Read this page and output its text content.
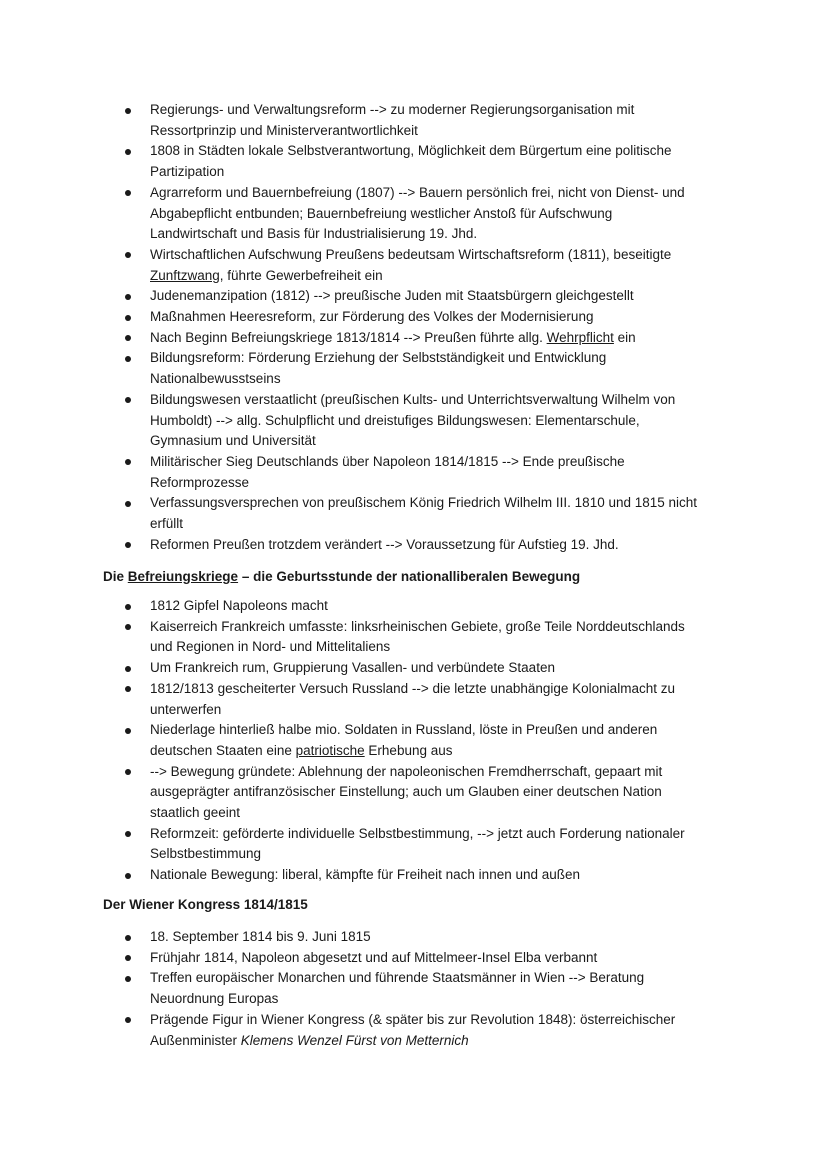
Regierungs- und Verwaltungsreform --> zu moderner Regierungsorganisation mit
Ressortprinzip und Ministerverantwortlichkeit
1808 in Städten lokale Selbstverantwortung, Möglichkeit dem Bürgertum eine politische
Partizipation
Agrarreform und Bauernbefreiung (1807) --> Bauern persönlich frei, nicht von Dienst- und
Abgabepflicht entbunden; Bauernbefreiung westlicher Anstoß für Aufschwung
Landwirtschaft und Basis für Industrialisierung 19. Jhd.
Wirtschaftlichen Aufschwung Preußens bedeutsam Wirtschaftsreform (1811), beseitigte
Zunftzwang, führte Gewerbefreiheit ein
Judenemanzipation (1812) --> preußische Juden mit Staatsbürgern gleichgestellt
Maßnahmen Heeresreform, zur Förderung des Volkes der Modernisierung
Nach Beginn Befreiungskriege 1813/1814 --> Preußen führte allg. Wehrpflicht ein
Bildungsreform: Förderung Erziehung der Selbstständigkeit und Entwicklung
Nationalbewusstseins
Bildungswesen verstaatlicht (preußischen Kults- und Unterrichtsverwaltung Wilhelm von
Humboldt) --> allg. Schulpflicht und dreistufiges Bildungswesen: Elementarschule,
Gymnasium und Universität
Militärischer Sieg Deutschlands über Napoleon 1814/1815 --> Ende preußische
Reformprozesse
Verfassungsversprechen von preußischem König Friedrich Wilhelm III. 1810 und 1815 nicht
erfüllt
Reformen Preußen trotzdem verändert --> Voraussetzung für Aufstieg 19. Jhd.
Die Befreiungskriege – die Geburtsstunde der nationalliberalen Bewegung
1812 Gipfel Napoleons macht
Kaiserreich Frankreich umfasste: linksrheinischen Gebiete, große Teile Norddeutschlands
und Regionen in Nord- und Mittelitaliens
Um Frankreich rum, Gruppierung Vasallen- und verbündete Staaten
1812/1813 gescheiterter Versuch Russland --> die letzte unabhängige Kolonialmacht zu
unterwerfen
Niederlage hinterließ halbe mio. Soldaten in Russland, löste in Preußen und anderen
deutschen Staaten eine patriotische Erhebung aus
--> Bewegung gründete: Ablehnung der napoleonischen Fremdherrschaft, gepaart mit
ausgeprägter antifranzösischer Einstellung; auch um Glauben einer deutschen Nation
staatlich geeint
Reformzeit: geförderte individuelle Selbstbestimmung, --> jetzt auch Forderung nationaler
Selbstbestimmung
Nationale Bewegung: liberal, kämpfte für Freiheit nach innen und außen
Der Wiener Kongress 1814/1815
18. September 1814 bis 9. Juni 1815
Frühjahr 1814, Napoleon abgesetzt und auf Mittelmeer-Insel Elba verbannt
Treffen europäischer Monarchen und führende Staatsmänner in Wien --> Beratung
Neuordnung Europas
Prägende Figur in Wiener Kongress (& später bis zur Revolution 1848): österreichischer
Außenminister Klemens Wenzel Fürst von Metternich
